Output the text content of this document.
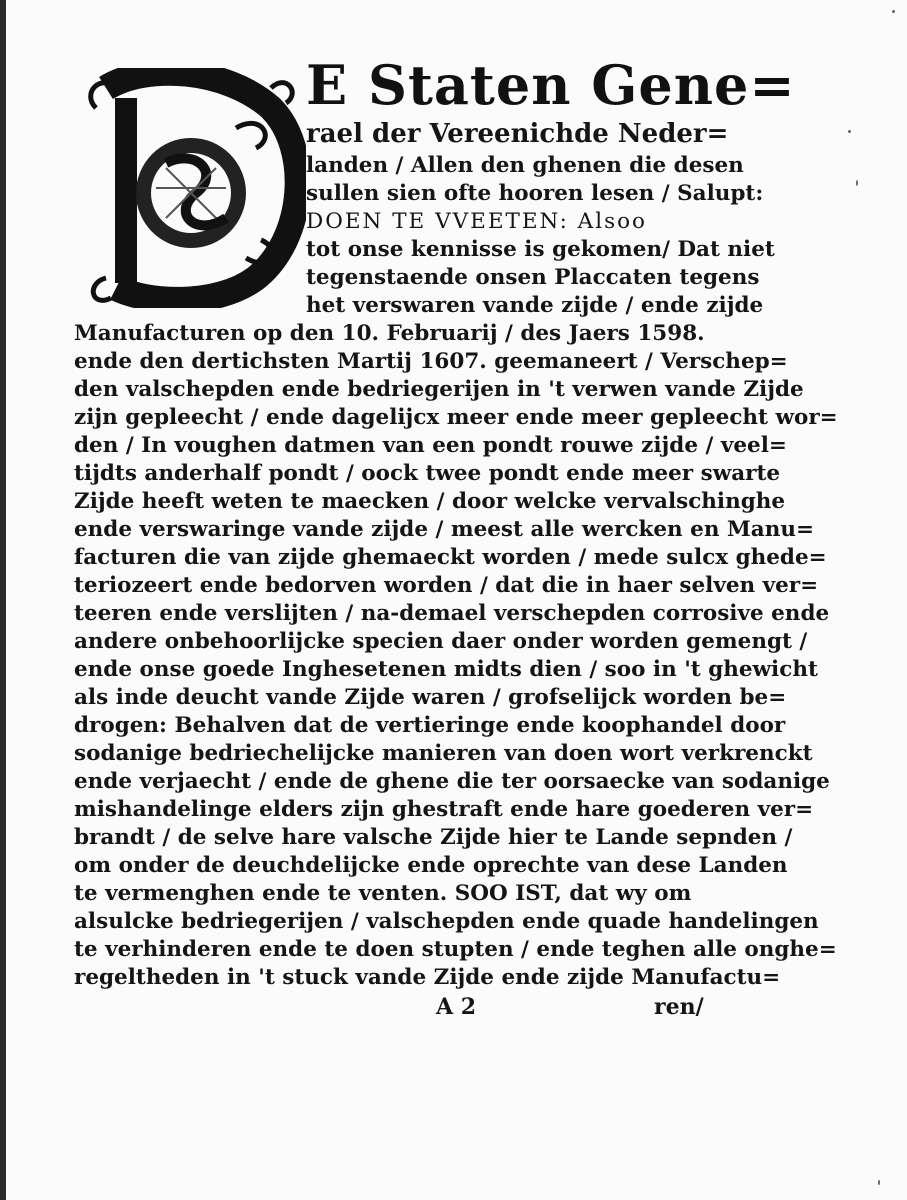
E Staten Gene=
rael der Vereenichde Neder=
landen / Allen den ghenen die desen
sullen sien ofte hooren lesen / Salupt:
DOEN TE VVEETEN: Alsoo
tot onse kennisse is gekomen/ Dat niet
tegenstaende onsen Placcaten tegens
het verswaren vande zijde / ende zijde
Manufacturen op den 10. Februarij / des Jaers 1598.
ende den dertichsten Martij 1607. geemaneert / Verschep=
den valschepden ende bedriegerijen in 't verwen vande Zijde
zijn gepleecht / ende dagelijcx meer ende meer gepleecht wor=
den / In voughen datmen van een pondt rouwe zijde / veel=
tijdts anderhalf pondt / oock twee pondt ende meer swarte
Zijde heeft weten te maecken / door welcke vervalschinghe
ende verswaringe vande zijde / meest alle wercken en Manu=
facturen die van zijde ghemaeckt worden / mede sulcx ghede=
teriozeert ende bedorven worden / dat die in haer selven ver=
teeren ende verslijten / na-demael verschepden corrosive ende
andere onbehoorlijcke specien daer onder worden gemengt /
ende onse goede Inghesetenen midts dien / soo in 't ghewicht
als inde deucht vande Zijde waren / grofselijck worden be=
drogen: Behalven dat de vertieringe ende koophandel door
sodanige bedriechelijcke manieren van doen wort verkrenckt
ende verjaecht / ende de ghene die ter oorsaecke van sodanige
mishandelinge elders zijn ghestraft ende hare goederen ver=
brandt / de selve hare valsche Zijde hier te Lande sepnden /
om onder de deuchdelijcke ende oprechte van dese Landen
te vermenghen ende te venten. SOO IST, dat wy om
alsulcke bedriegerijen / valschepden ende quade handelingen
te verhinderen ende te doen stupten / ende teghen alle onghe=
regeltheden in 't stuck vande Zijde ende zijde Manufactu=
A 2	ren/
